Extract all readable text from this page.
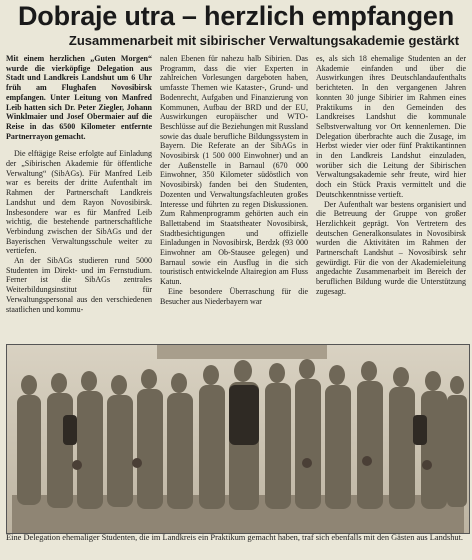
Dobraje utra – herzlich empfangen
Zusammenarbeit mit sibirischer Verwaltungsakademie gestärkt

Mit einem herzlichen „Guten Morgen“ wurde die vierköpfige Delegation aus Stadt und Landkreis Landshut um 6 Uhr früh am Flughafen Novosibirsk empfangen. Unter Leitung von Manfred Leib hatten sich Dr. Peter Ziegler, Johann Winklmaier und Josef Obermaier auf die Reise in das 6500 Kilometer entfernte Partnerrayon gemacht.

Die elftägige Reise erfolgte auf Einladung der „Sibirischen Akademie für öffentliche Verwaltung“ (SibAGs). Für Manfred Leib war es bereits der dritte Aufenthalt im Rahmen der Partnerschaft Landkreis Landshut und dem Rayon Novosibirsk. Insbesondere war es für Manfred Leib wichtig, die bestehende partnerschaftliche Verbindung zwischen der SibAGs und der Bayerischen Verwaltungsschule weiter zu vertiefen.

An der SibAGs studieren rund 5000 Studenten im Direkt- und im Fernstudium. Ferner ist die SibAGs zentrales Weiterbildungsinstitut für Verwaltungspersonal aus den verschiedenen staatlichen und kommu-

nalen Ebenen für nahezu halb Sibirien. Das Programm, dass die vier Experten in zahlreichen Vorlesungen dargeboten haben, umfasste Themen wie Kataster-, Grund- und Bodenrecht, Aufgaben und Finanzierung von Kommunen, Aufbau der BRD und der EU, Auswirkungen europäischer und WTO-Beschlüsse auf die Beziehungen mit Russland sowie das duale berufliche Bildungssystem in Bayern. Die Referate an der SibAGs in Novosibirsk (1 500 000 Einwohner) und an der Außenstelle in Barnaul (670 000 Einwohner, 350 Kilometer südöstlich von Novosibirsk) fanden bei den Studenten, Dozenten und Verwaltungsfachleuten großes Interesse und führten zu regen Diskussionen. Zum Rahmenprogramm gehörten auch ein Ballettabend im Staatstheater Novosibirsk, Stadtbesichtigungen und offizielle Einladungen in Novosibirsk, Berdzk (93 000 Einwohner am Ob-Stausee gelegen) und Barnaul sowie ein Ausflug in die sich touristisch entwickelnde Altairegion am Fluss Katun.

Eine besondere Überraschung für die Besucher aus Niederbayern war

es, als sich 18 ehemalige Studenten an der Akademie einfanden und über die Auswirkungen ihres Deutschlandaufenthalts berichteten. In den vergangenen Jahren konnten 30 junge Sibirier im Rahmen eines Praktikums in den Gemeinden des Landkreises Landshut die kommunale Selbstverwaltung vor Ort kennenlernen. Die Delegation überbrachte auch die Zusage, im Herbst wieder vier oder fünf Praktikantinnen in den Landkreis Landshut einzuladen, worüber sich die Leitung der Sibirischen Verwaltungsakademie sehr freute, wird hier doch ein Stück Praxis vermittelt und die Deutschkenntnisse vertieft.

Der Aufenthalt war bestens organisiert und die Betreuung der Gruppe von großer Herzlichkeit geprägt. Von Vertretern des deutschen Generalkonsulates in Novosibirsk wurden die Aktivitäten im Rahmen der Partnerschaft Landshut – Novosibirsk sehr gewürdigt. Für die von der Akademieleitung angedachte Zusammenarbeit im Bereich der beruflichen Bildung wurde die Unterstützung zugesagt.

Eine Delegation ehemaliger Studenten, die im Landkreis ein Praktikum gemacht haben, traf sich ebenfalls mit den Gästen aus Landshut.
